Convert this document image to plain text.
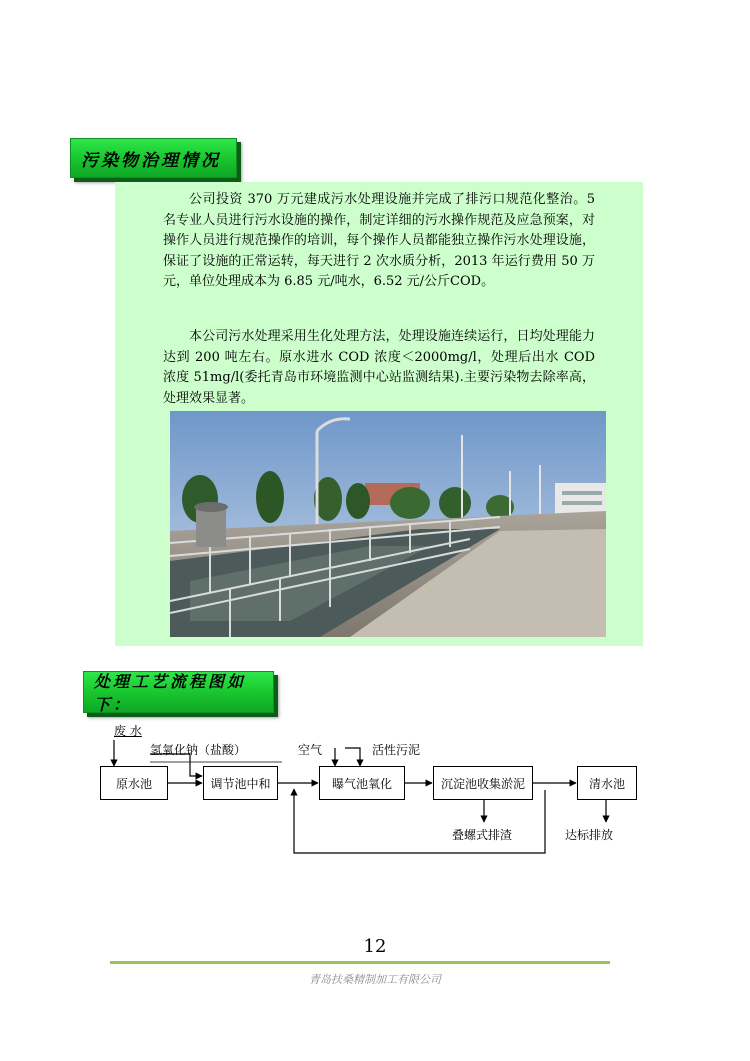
污染物治理情况

公司投资 370 万元建成污水处理设施并完成了排污口规范化整治。5 名专业人员进行污水设施的操作，制定详细的污水操作规范及应急预案，对操作人员进行规范操作的培训，每个操作人员都能独立操作污水处理设施，保证了设施的正常运转，每天进行 2 次水质分析，2013 年运行费用 50 万元，单位处理成本为 6.85 元/吨水，6.52 元/公斤COD。

本公司污水处理采用生化处理方法，处理设施连续运行，日均处理能力达到 200 吨左右。原水进水 COD 浓度＜2000mg/l，处理后出水 COD 浓度 51mg/l(委托青岛市环境监测中心站监测结果).主要污染物去除率高，处理效果显著。

处理工艺流程图如下：
废 水
氢氧化钠（盐酸）	空气	活性污泥
原水池	调节池中和	曝气池氧化	沉淀池收集淤泥	清水池
叠螺式排渣	达标排放
12
青岛扶桑精制加工有限公司
